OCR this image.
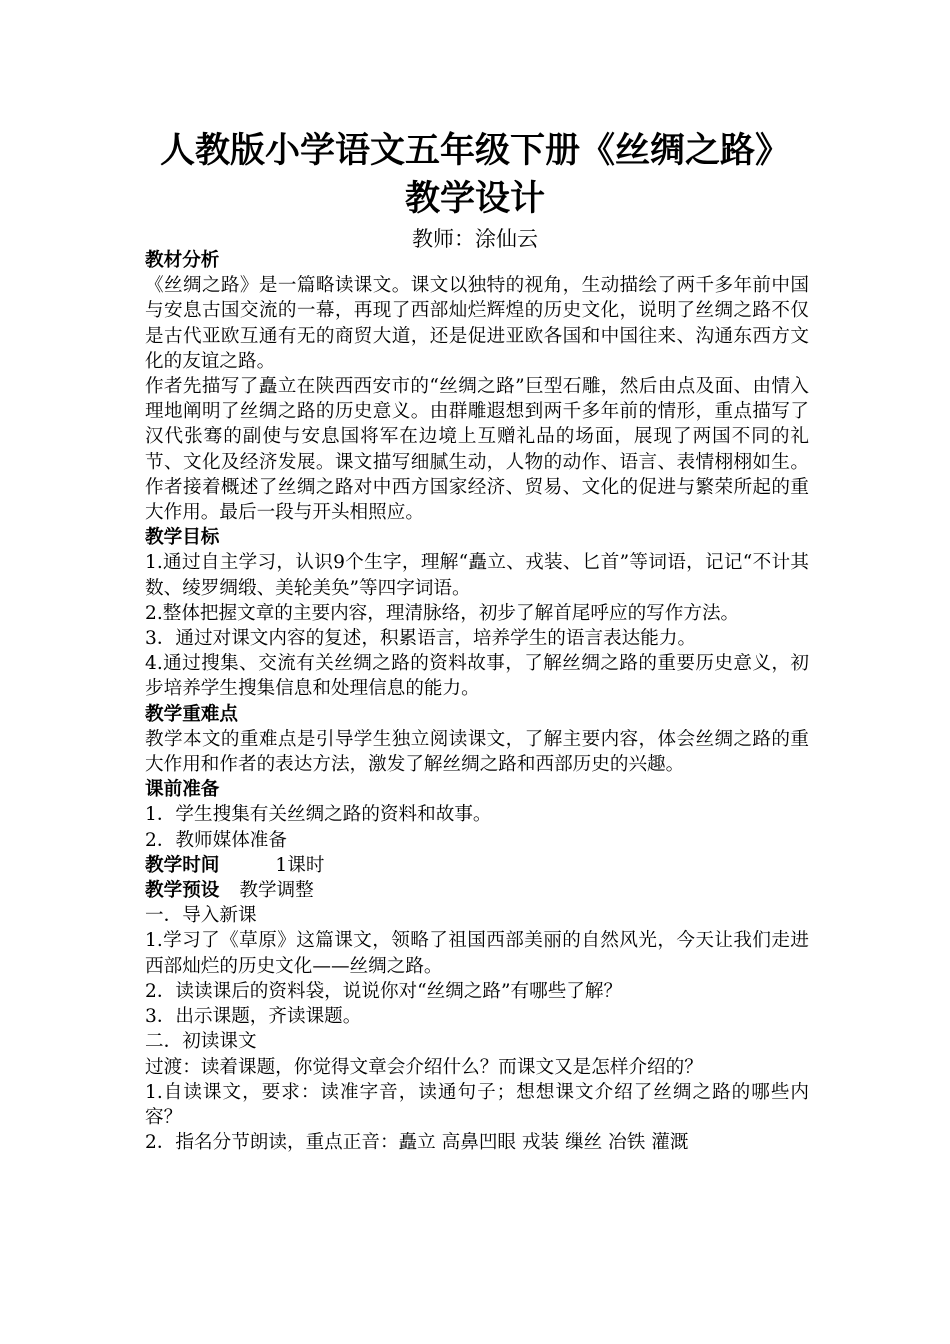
人教版小学语文五年级下册《丝绸之路》
教学设计
教师：涂仙云

教材分析

《丝绸之路》是一篇略读课文。课文以独特的视角，生动描绘了两千多年前中国与安息古国交流的一幕，再现了西部灿烂辉煌的历史文化，说明了丝绸之路不仅是古代亚欧互通有无的商贸大道，还是促进亚欧各国和中国往来、沟通东西方文化的友谊之路。

作者先描写了矗立在陕西西安市的“丝绸之路”巨型石雕，然后由点及面、由情入理地阐明了丝绸之路的历史意义。由群雕遐想到两千多年前的情形，重点描写了汉代张骞的副使与安息国将军在边境上互赠礼品的场面，展现了两国不同的礼节、文化及经济发展。课文描写细腻生动，人物的动作、语言、表情栩栩如生。作者接着概述了丝绸之路对中西方国家经济、贸易、文化的促进与繁荣所起的重大作用。最后一段与开头相照应。

教学目标

1.通过自主学习，认识9个生字，理解“矗立、戎装、匕首”等词语，记记“不计其数、绫罗绸缎、美轮美奂”等四字词语。

2.整体把握文章的主要内容，理清脉络，初步了解首尾呼应的写作方法。

3．通过对课文内容的复述，积累语言，培养学生的语言表达能力。

4.通过搜集、交流有关丝绸之路的资料故事，了解丝绸之路的重要历史意义，初步培养学生搜集信息和处理信息的能力。

教学重难点

教学本文的重难点是引导学生独立阅读课文，了解主要内容，体会丝绸之路的重大作用和作者的表达方法，激发了解丝绸之路和西部历史的兴趣。

课前准备

1．学生搜集有关丝绸之路的资料和故事。

2．教师媒体准备

教学时间	1课时

教学预设 教学调整

一．导入新课

1.学习了《草原》这篇课文，领略了祖国西部美丽的自然风光，今天让我们走进西部灿烂的历史文化——丝绸之路。

2．读读课后的资料袋，说说你对“丝绸之路”有哪些了解？

3．出示课题，齐读课题。

二．初读课文

过渡：读着课题，你觉得文章会介绍什么？而课文又是怎样介绍的？

1.自读课文，要求：读准字音，读通句子；想想课文介绍了丝绸之路的哪些内容？

2．指名分节朗读，重点正音：矗立 高鼻凹眼 戎装 缫丝 冶铁 灌溉
